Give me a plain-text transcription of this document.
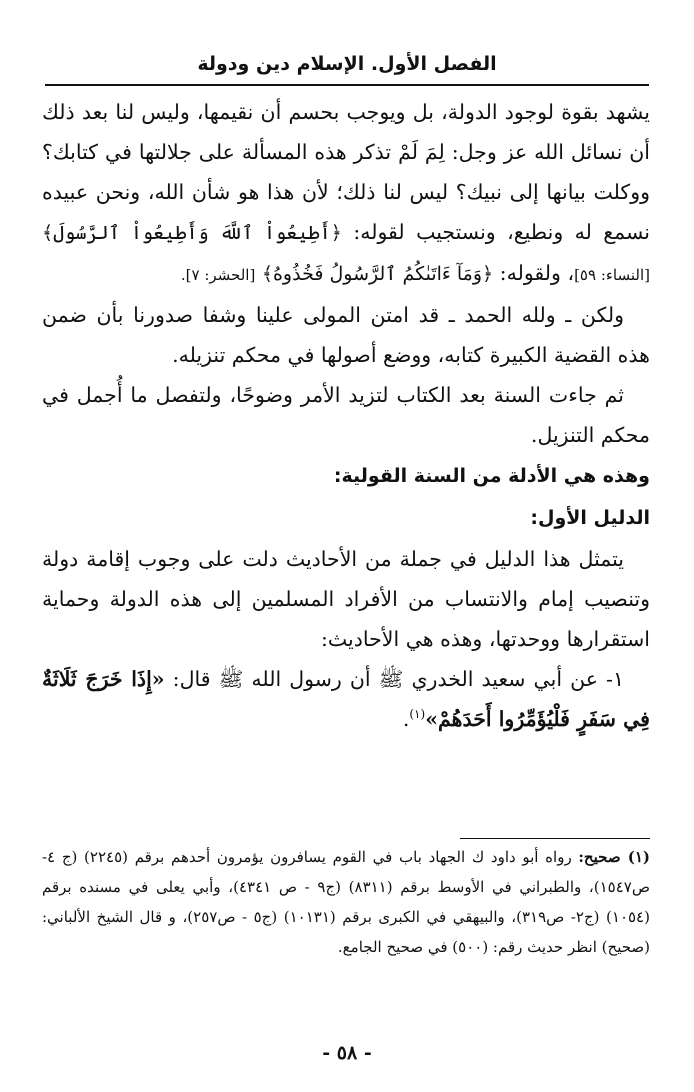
الفصل الأول. الإسلام دين ودولة

يشهد بقوة لوجود الدولة، بل ويوجب بحسم أن نقيمها، وليس لنا بعد ذلك أن نسائل الله عز وجل: لِمَ لَمْ تذكر هذه المسألة على جلالتها في كتابك؟ ووكلت بيانها إلى نبيك؟ ليس لنا ذلك؛ لأن هذا هو شأن الله، ونحن عبيده نسمع له ونطيع، ونستجيب لقوله: ﴿أَطِيعُواْ ٱللَّهَ وَأَطِيعُواْ ٱلرَّسُولَ﴾ [النساء: ٥٩]، ولقوله: ﴿وَمَآ ءَاتَىٰكُمُ ٱلرَّسُولُ فَخُذُوهُ﴾ [الحشر: ٧].

ولكن ـ ولله الحمد ـ قد امتن المولى علينا وشفا صدورنا بأن ضمن هذه القضية الكبيرة كتابه، ووضع أصولها في محكم تنزيله.

ثم جاءت السنة بعد الكتاب لتزيد الأمر وضوحًا، ولتفصل ما أُجمل في محكم التنزيل.

وهذه هي الأدلة من السنة القولية:

الدليل الأول:

يتمثل هذا الدليل في جملة من الأحاديث دلت على وجوب إقامة دولة وتنصيب إمام والانتساب من الأفراد المسلمين إلى هذه الدولة وحماية استقرارها ووحدتها، وهذه هي الأحاديث:

١- عن أبي سعيد الخدري ﷺ أن رسول الله ﷺ قال: «إِذَا خَرَجَ ثَلَاثَةٌ فِي سَفَرٍ فَلْيُؤَمِّرُوا أَحَدَهُمْ»$^{(١)}$.

(١) صحيح: رواه أبو داود ك الجهاد باب في القوم يسافرون يؤمرون أحدهم برقم (٢٢٤٥) (ج ٤- ص١٥٤٧)، والطبراني في الأوسط برقم (٨٣١١) (ج٩ - ص ٤٣٤١)، وأبي يعلى في مسنده برقم (١٠٥٤) (ج٢- ص٣١٩)، والبيهقي في الكبرى برقم (١٠١٣١) (ج٥ - ص٢٥٧)، و قال الشيخ الألباني: (صحيح) انظر حديث رقم: (٥٠٠) في صحيح الجامع.

- ٥٨ -
